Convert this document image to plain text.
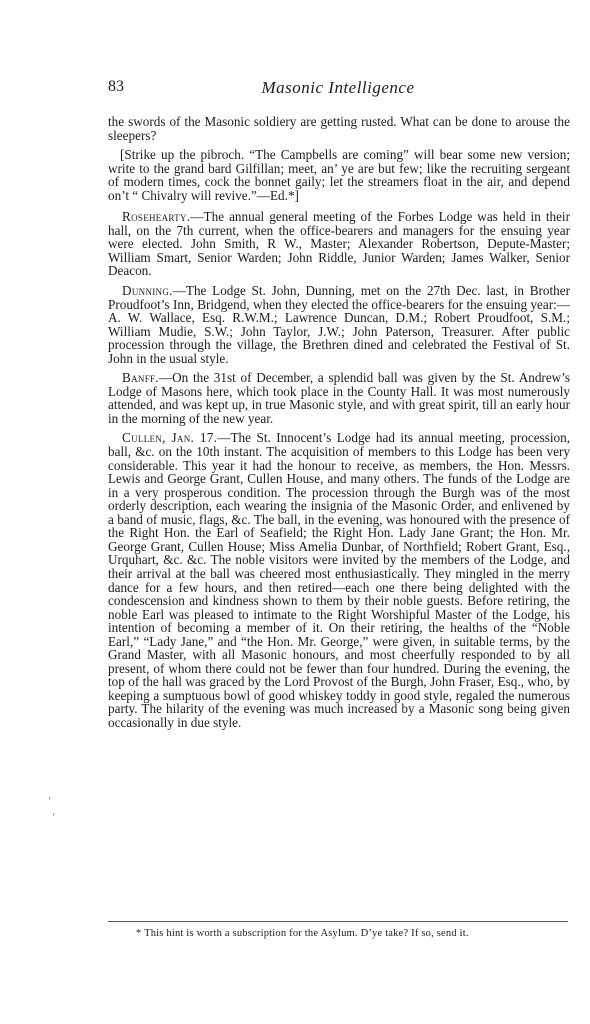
83	Masonic Intelligence

the swords of the Masonic soldiery are getting rusted. What can be done to arouse the sleepers?

[Strike up the pibroch. “The Campbells are coming” will bear some new version; write to the grand bard Gilfillan; meet, an’ ye are but few; like the recruiting sergeant of modern times, cock the bonnet gaily; let the streamers float in the air, and depend on’t “ Chivalry will revive.”—Ed.*]

Rosehearty.—The annual general meeting of the Forbes Lodge was held in their hall, on the 7th current, when the office-bearers and managers for the ensuing year were elected. John Smith, R W., Master; Alexander Robertson, Depute-Master; William Smart, Senior Warden; John Riddle, Junior Warden; James Walker, Senior Deacon.

Dunning.—The Lodge St. John, Dunning, met on the 27th Dec. last, in Brother Proudfoot’s Inn, Bridgend, when they elected the office-bearers for the ensuing year:—A. W. Wallace, Esq. R.W.M.; Lawrence Duncan, D.M.; Robert Proudfoot, S.M.; William Mudie, S.W.; John Taylor, J.W.; John Paterson, Treasurer. After public procession through the village, the Brethren dined and celebrated the Festival of St. John in the usual style.

Banff.—On the 31st of December, a splendid ball was given by the St. Andrew’s Lodge of Masons here, which took place in the County Hall. It was most numerously attended, and was kept up, in true Masonic style, and with great spirit, till an early hour in the morning of the new year.

Cullen, Jan. 17.—The St. Innocent’s Lodge had its annual meeting, procession, ball, &c. on the 10th instant. The acquisition of members to this Lodge has been very considerable. This year it had the honour to receive, as members, the Hon. Messrs. Lewis and George Grant, Cullen House, and many others. The funds of the Lodge are in a very prosperous condition. The procession through the Burgh was of the most orderly description, each wearing the insignia of the Masonic Order, and enlivened by a band of music, flags, &c. The ball, in the evening, was honoured with the presence of the Right Hon. the Earl of Seafield; the Right Hon. Lady Jane Grant; the Hon. Mr. George Grant, Cullen House; Miss Amelia Dunbar, of Northfield; Robert Grant, Esq., Urquhart, &c. &c. The noble visitors were invited by the members of the Lodge, and their arrival at the ball was cheered most enthusiastically. They mingled in the merry dance for a few hours, and then retired—each one there being delighted with the condescension and kindness shown to them by their noble guests. Before retiring, the noble Earl was pleased to intimate to the Right Worshipful Master of the Lodge, his intention of becoming a member of it. On their retiring, the healths of the “Noble Earl,” “Lady Jane,” and “the Hon. Mr. George,” were given, in suitable terms, by the Grand Master, with all Masonic honours, and most cheerfully responded to by all present, of whom there could not be fewer than four hundred. During the evening, the top of the hall was graced by the Lord Provost of the Burgh, John Fraser, Esq., who, by keeping a sumptuous bowl of good whiskey toddy in good style, regaled the numerous party. The hilarity of the evening was much increased by a Masonic song being given occasionally in due style.

* This hint is worth a subscription for the Asylum. D’ye take? If so, send it.
‘
‘
